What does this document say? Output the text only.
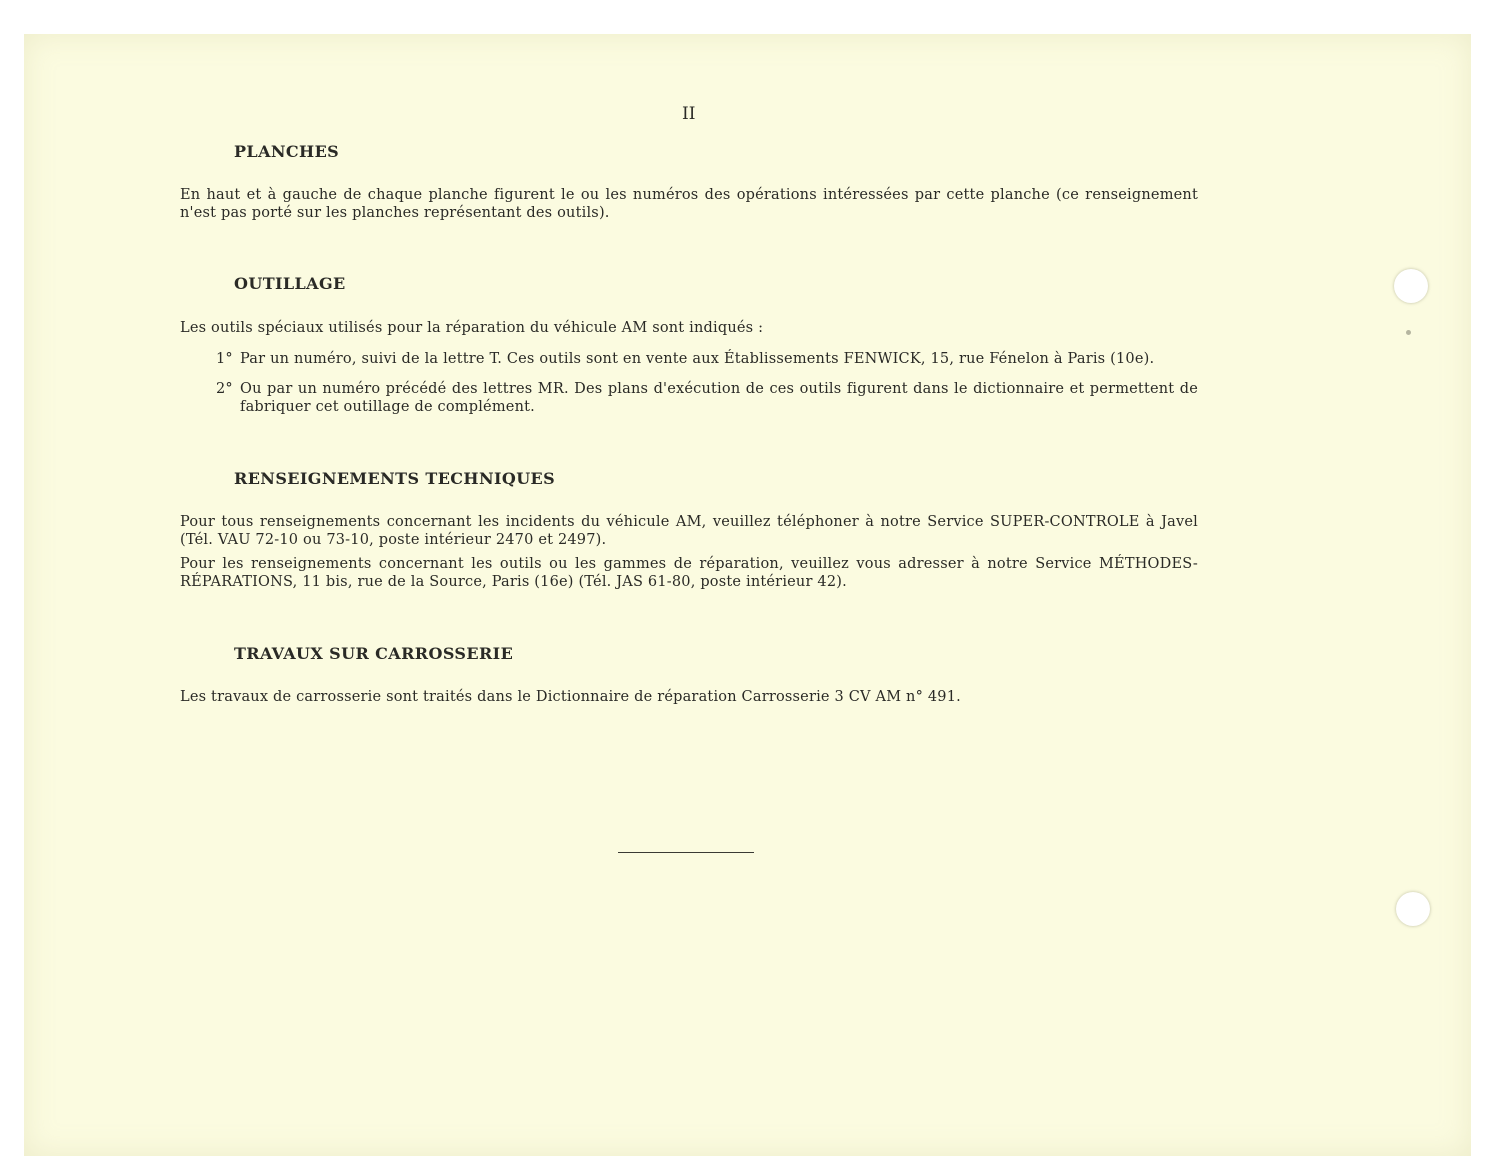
II
PLANCHES
En haut et à gauche de chaque planche figurent le ou les numéros des opérations intéressées par cette planche (ce renseignement n'est pas porté sur les planches représentant des outils).
OUTILLAGE
Les outils spéciaux utilisés pour la réparation du véhicule AM sont indiqués :
1° Par un numéro, suivi de la lettre T. Ces outils sont en vente aux Établissements FENWICK, 15, rue Fénelon à Paris (10e).
2° Ou par un numéro précédé des lettres MR. Des plans d'exécution de ces outils figurent dans le dictionnaire et permettent de fabriquer cet outillage de complément.
RENSEIGNEMENTS TECHNIQUES
Pour tous renseignements concernant les incidents du véhicule AM, veuillez téléphoner à notre Service SUPER-CONTROLE à Javel (Tél. VAU 72-10 ou 73-10, poste intérieur 2470 et 2497).
Pour les renseignements concernant les outils ou les gammes de réparation, veuillez vous adresser à notre Service MÉTHODES-RÉPARATIONS, 11 bis, rue de la Source, Paris (16e) (Tél. JAS 61-80, poste intérieur 42).
TRAVAUX SUR CARROSSERIE
Les travaux de carrosserie sont traités dans le Dictionnaire de réparation Carrosserie 3 CV AM n° 491.
